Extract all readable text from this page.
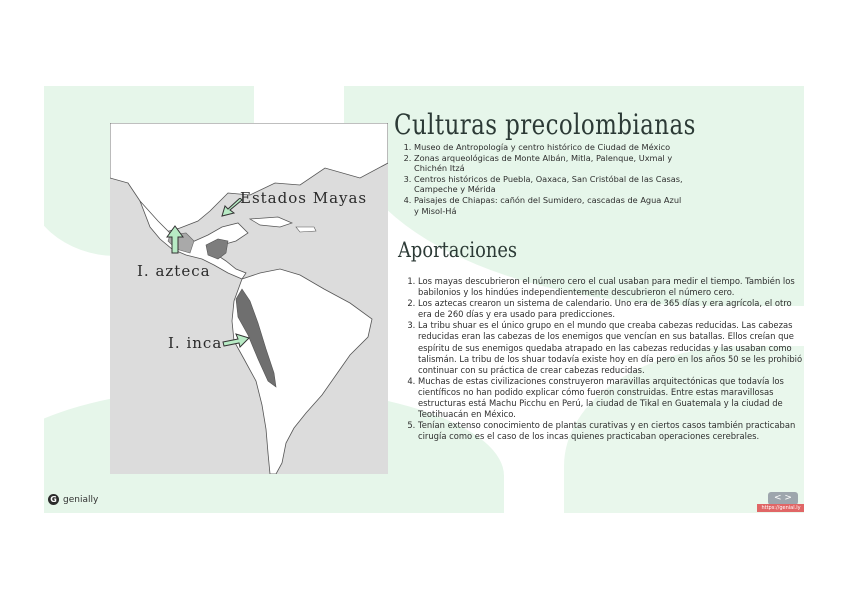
Estados Mayas
I. azteca
I. inca
Culturas precolombianas
1. Museo de Antropología y centro histórico de Ciudad de México
2. Zonas arqueológicas de Monte Albán, Mitla, Palenque, Uxmal y Chichén Itzá
3. Centros históricos de Puebla, Oaxaca, San Cristóbal de las Casas, Campeche y Mérida
4. Paisajes de Chiapas: cañón del Sumidero, cascadas de Agua Azul y Misol-Há
Aportaciones
1. Los mayas descubrieron el número cero el cual usaban para medir el tiempo. También los babilonios y los hindúes independientemente descubrieron el número cero.
2. Los aztecas crearon un sistema de calendario. Uno era de 365 días y era agrícola, el otro era de 260 días y era usado para predicciones.
3. La tribu shuar es el único grupo en el mundo que creaba cabezas reducidas. Las cabezas reducidas eran las cabezas de los enemigos que vencían en sus batallas. Ellos creían que espíritu de sus enemigos quedaba atrapado en las cabezas reducidas y las usaban como talismán. La tribu de los shuar todavía existe hoy en día pero en los años 50 se les prohibió continuar con su práctica de crear cabezas reducidas.
4. Muchas de estas civilizaciones construyeron maravillas arquitectónicas que todavía los científicos no han podido explicar cómo fueron construidas. Entre estas maravillosas estructuras está Machu Picchu en Perú, la ciudad de Tikal en Guatemala y la ciudad de Teotihuacán en México.
5. Tenían extenso conocimiento de plantas curativas y en ciertos casos también practicaban cirugía como es el caso de los incas quienes practicaban operaciones cerebrales.
G genially	< >
https://genial.ly
